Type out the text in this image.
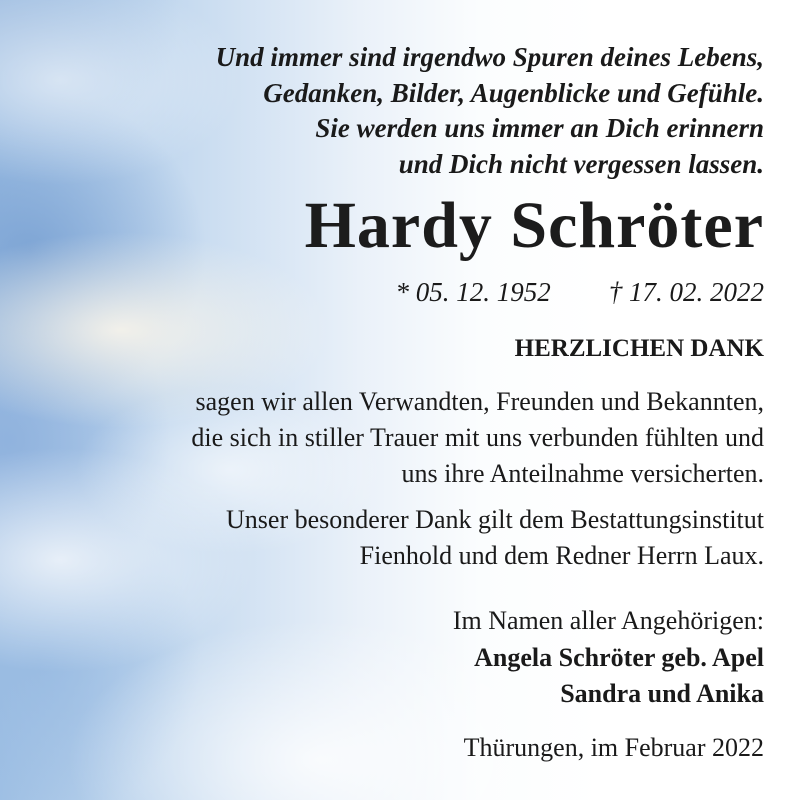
Und immer sind irgendwo Spuren deines Lebens,
Gedanken, Bilder, Augenblicke und Gefühle.
Sie werden uns immer an Dich erinnern
und Dich nicht vergessen lassen.
Hardy Schröter
* 05. 12. 1952 † 17. 02. 2022
HERZLICHEN DANK
sagen wir allen Verwandten, Freunden und Bekannten,
die sich in stiller Trauer mit uns verbunden fühlten und
uns ihre Anteilnahme versicherten.
Unser besonderer Dank gilt dem Bestattungsinstitut
Fienhold und dem Redner Herrn Laux.
Im Namen aller Angehörigen:
Angela Schröter geb. Apel
Sandra und Anika
Thürungen, im Februar 2022
